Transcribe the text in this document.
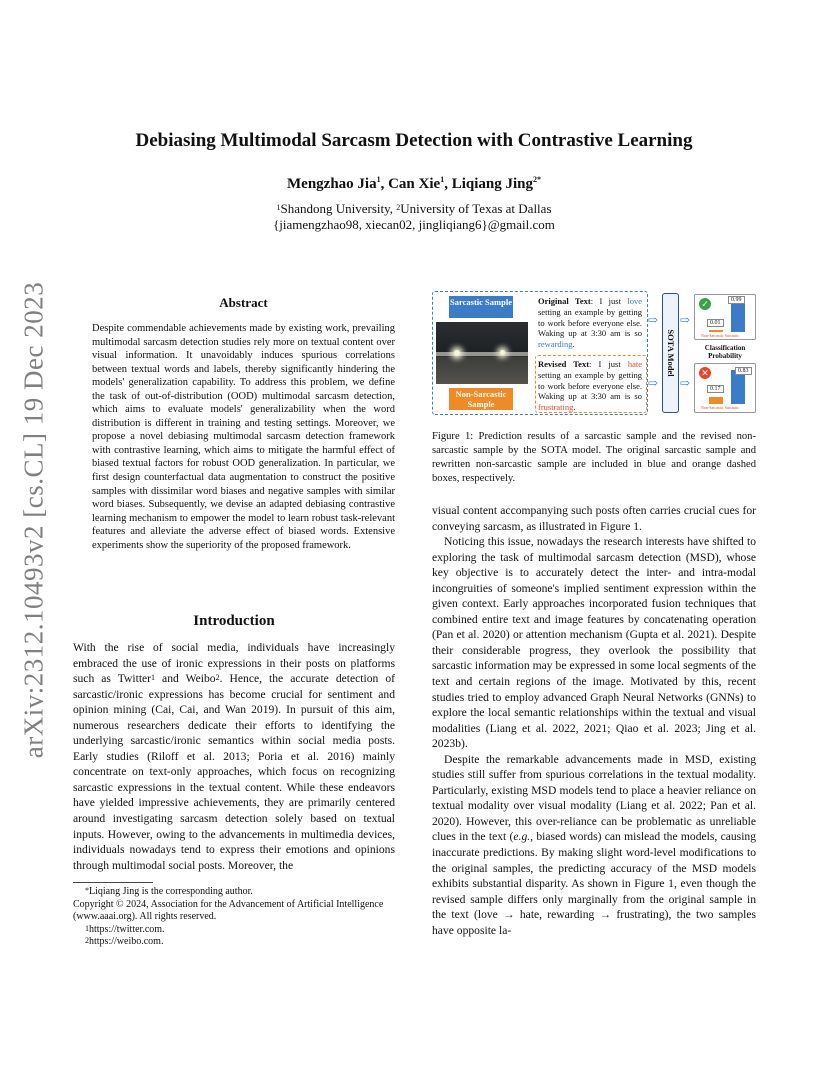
arXiv:2312.10493v2 [cs.CL] 19 Dec 2023
Debiasing Multimodal Sarcasm Detection with Contrastive Learning
Mengzhao Jia$^1$, Can Xie$^1$, Liqiang Jing$^{2*}$
$^1$Shandong University, $^2$University of Texas at Dallas
{jiamengzhao98, xiecan02, jingliqiang6}@gmail.com
Abstract
Despite commendable achievements made by existing work, prevailing multimodal sarcasm detection studies rely more on textual content over visual information. It unavoidably induces spurious correlations between textual words and labels, thereby significantly hindering the models' generalization capability. To address this problem, we define the task of out-of-distribution (OOD) multimodal sarcasm detection, which aims to evaluate models' generalizability when the word distribution is different in training and testing settings. Moreover, we propose a novel debiasing multimodal sarcasm detection framework with contrastive learning, which aims to mitigate the harmful effect of biased textual factors for robust OOD generalization. In particular, we first design counterfactual data augmentation to construct the positive samples with dissimilar word biases and negative samples with similar word biases. Subsequently, we devise an adapted debiasing contrastive learning mechanism to empower the model to learn robust task-relevant features and alleviate the adverse effect of biased words. Extensive experiments show the superiority of the proposed framework.
Introduction

With the rise of social media, individuals have increasingly embraced the use of ironic expressions in their posts on platforms such as Twitter$^1$ and Weibo$^2$. Hence, the accurate detection of sarcastic/ironic expressions has become crucial for sentiment and opinion mining (Cai, Cai, and Wan 2019). In pursuit of this aim, numerous researchers dedicate their efforts to identifying the underlying sarcastic/ironic semantics within social media posts. Early studies (Riloff et al. 2013; Poria et al. 2016) mainly concentrate on text-only approaches, which focus on recognizing sarcastic expressions in the textual content. While these endeavors have yielded impressive achievements, they are primarily centered around investigating sarcasm detection solely based on textual inputs. However, owing to the advancements in multimedia devices, individuals nowadays tend to express their emotions and opinions through multimodal social posts. Moreover, the

*Liqiang Jing is the corresponding author.
Copyright © 2024, Association for the Advancement of Artificial Intelligence (www.aaai.org). All rights reserved.
$^1$https://twitter.com.
$^2$https://weibo.com.
Sarcastic Sample
Non-Sarcastic Sample
Original Text: I just love setting an example by getting to work before everyone else. Waking up at 3:30 am is so rewarding.
Revised Text: I just hate setting an example by getting to work before everyone else. Waking up at 3:30 am is so frustrating.
⇨
⇨
SOTA Model
⇨
⇨
✓	0.99
0.01
Non-Sarcastic Sarcastic
Classification Probability
✕	0.83
0.17
Non-Sarcastic Sarcastic
Figure 1: Prediction results of a sarcastic sample and the revised non-sarcastic sample by the SOTA model. The original sarcastic sample and rewritten non-sarcastic sample are included in blue and orange dashed boxes, respectively.

visual content accompanying such posts often carries crucial cues for conveying sarcasm, as illustrated in Figure 1.

Noticing this issue, nowadays the research interests have shifted to exploring the task of multimodal sarcasm detection (MSD), whose key objective is to accurately detect the inter- and intra-modal incongruities of someone's implied sentiment expression within the given context. Early approaches incorporated fusion techniques that combined entire text and image features by concatenating operation (Pan et al. 2020) or attention mechanism (Gupta et al. 2021). Despite their considerable progress, they overlook the possibility that sarcastic information may be expressed in some local segments of the text and certain regions of the image. Motivated by this, recent studies tried to employ advanced Graph Neural Networks (GNNs) to explore the local semantic relationships within the textual and visual modalities (Liang et al. 2022, 2021; Qiao et al. 2023; Jing et al. 2023b).

Despite the remarkable advancements made in MSD, existing studies still suffer from spurious correlations in the textual modality. Particularly, existing MSD models tend to place a heavier reliance on textual modality over visual modality (Liang et al. 2022; Pan et al. 2020). However, this over-reliance can be problematic as unreliable clues in the text (e.g., biased words) can mislead the models, causing inaccurate predictions. By making slight word-level modifications to the original samples, the predicting accuracy of the MSD models exhibits substantial disparity. As shown in Figure 1, even though the revised sample differs only marginally from the original sample in the text (love → hate, rewarding → frustrating), the two samples have opposite la-
